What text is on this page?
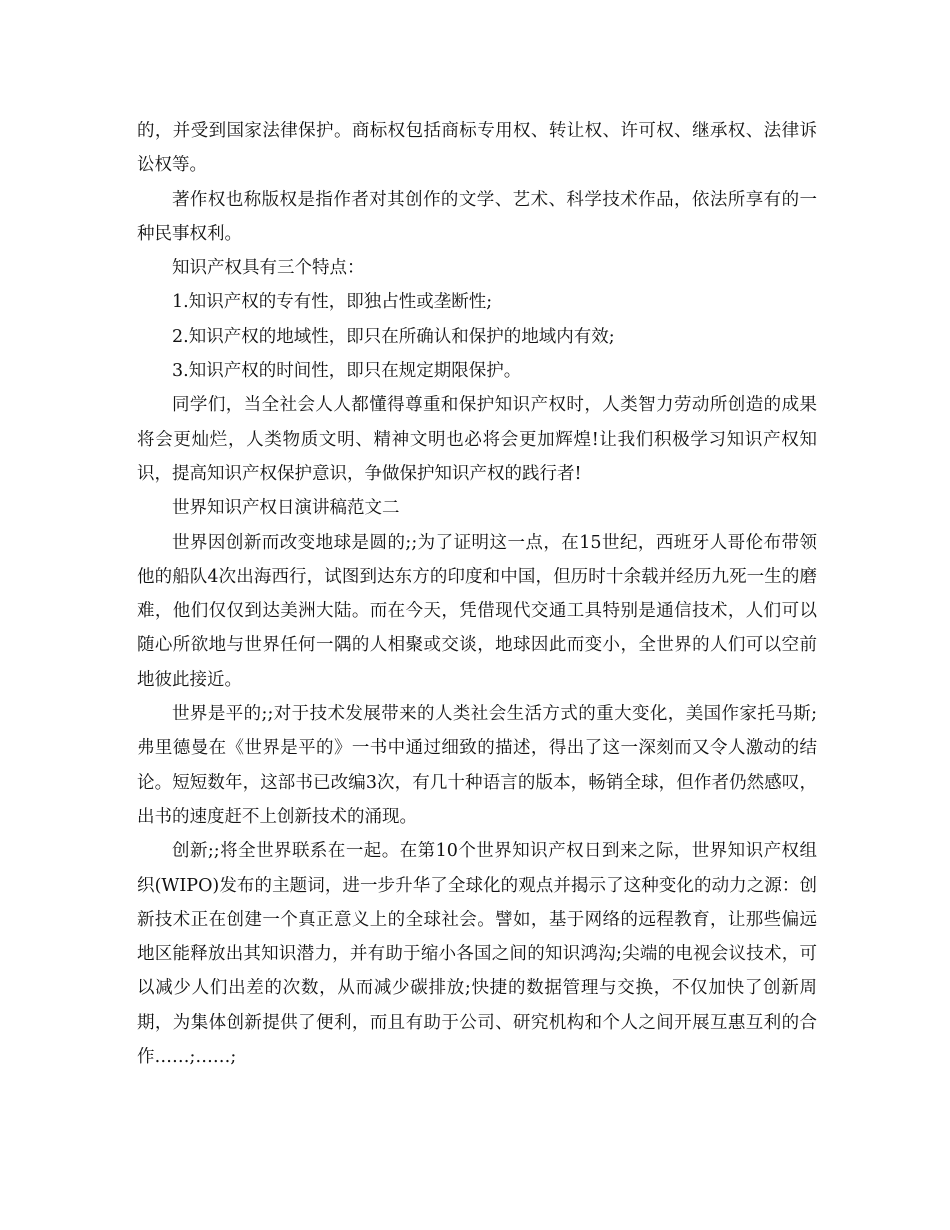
的，并受到国家法律保护。商标权包括商标专用权、转让权、许可权、继承权、法律诉讼权等。

著作权也称版权是指作者对其创作的文学、艺术、科学技术作品，依法所享有的一种民事权利。

知识产权具有三个特点：

1.知识产权的专有性，即独占性或垄断性;

2.知识产权的地域性，即只在所确认和保护的地域内有效;

3.知识产权的时间性，即只在规定期限保护。

同学们，当全社会人人都懂得尊重和保护知识产权时，人类智力劳动所创造的成果将会更灿烂，人类物质文明、精神文明也必将会更加辉煌!让我们积极学习知识产权知识，提高知识产权保护意识，争做保护知识产权的践行者!

世界知识产权日演讲稿范文二

世界因创新而改变地球是圆的;;为了证明这一点，在15世纪，西班牙人哥伦布带领他的船队4次出海西行，试图到达东方的印度和中国，但历时十余载并经历九死一生的磨难，他们仅仅到达美洲大陆。而在今天，凭借现代交通工具特别是通信技术，人们可以随心所欲地与世界任何一隅的人相聚或交谈，地球因此而变小，全世界的人们可以空前地彼此接近。

世界是平的;;对于技术发展带来的人类社会生活方式的重大变化，美国作家托马斯;弗里德曼在《世界是平的》一书中通过细致的描述，得出了这一深刻而又令人激动的结论。短短数年，这部书已改编3次，有几十种语言的版本，畅销全球，但作者仍然感叹，出书的速度赶不上创新技术的涌现。

创新;;将全世界联系在一起。在第10个世界知识产权日到来之际，世界知识产权组织(WIPO)发布的主题词，进一步升华了全球化的观点并揭示了这种变化的动力之源：创新技术正在创建一个真正意义上的全球社会。譬如，基于网络的远程教育，让那些偏远地区能释放出其知识潜力，并有助于缩小各国之间的知识鸿沟;尖端的电视会议技术，可以减少人们出差的次数，从而减少碳排放;快捷的数据管理与交换，不仅加快了创新周期，为集体创新提供了便利，而且有助于公司、研究机构和个人之间开展互惠互利的合作……;……;
